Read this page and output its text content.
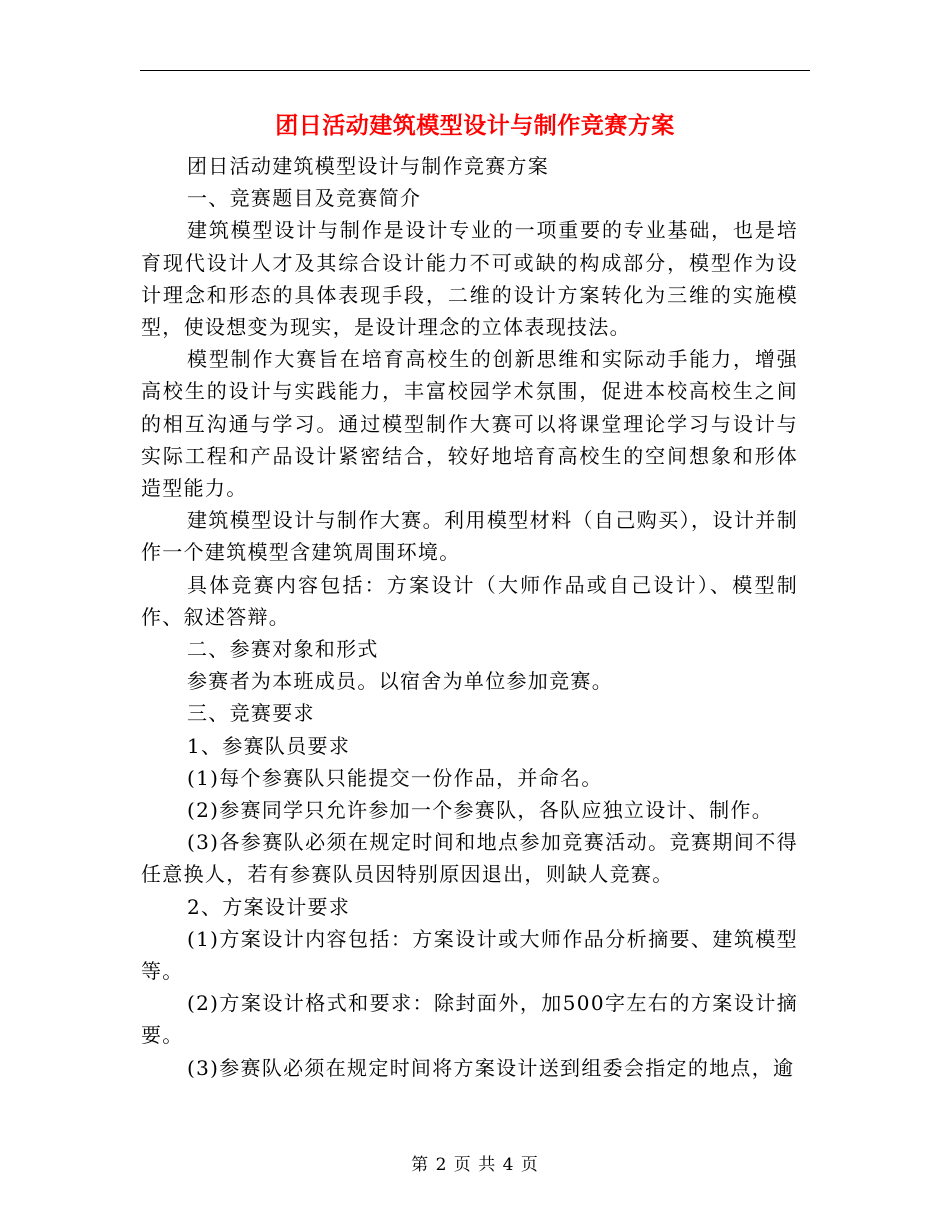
团日活动建筑模型设计与制作竞赛方案

团日活动建筑模型设计与制作竞赛方案

一、竞赛题目及竞赛简介

建筑模型设计与制作是设计专业的一项重要的专业基础，也是培育现代设计人才及其综合设计能力不可或缺的构成部分，模型作为设计理念和形态的具体表现手段，二维的设计方案转化为三维的实施模型，使设想变为现实，是设计理念的立体表现技法。

模型制作大赛旨在培育高校生的创新思维和实际动手能力，增强高校生的设计与实践能力，丰富校园学术氛围，促进本校高校生之间的相互沟通与学习。通过模型制作大赛可以将课堂理论学习与设计与实际工程和产品设计紧密结合，较好地培育高校生的空间想象和形体造型能力。

建筑模型设计与制作大赛。利用模型材料（自己购买），设计并制作一个建筑模型含建筑周围环境。

具体竞赛内容包括：方案设计（大师作品或自己设计）、模型制作、叙述答辩。

二、参赛对象和形式

参赛者为本班成员。以宿舍为单位参加竞赛。

三、竞赛要求

1、参赛队员要求

(1)每个参赛队只能提交一份作品，并命名。

(2)参赛同学只允许参加一个参赛队，各队应独立设计、制作。

(3)各参赛队必须在规定时间和地点参加竞赛活动。竞赛期间不得任意换人，若有参赛队员因特别原因退出，则缺人竞赛。

2、方案设计要求

(1)方案设计内容包括：方案设计或大师作品分析摘要、建筑模型等。

(2)方案设计格式和要求：除封面外，加500字左右的方案设计摘要。

(3)参赛队必须在规定时间将方案设计送到组委会指定的地点，逾

第 2 页 共 4 页
